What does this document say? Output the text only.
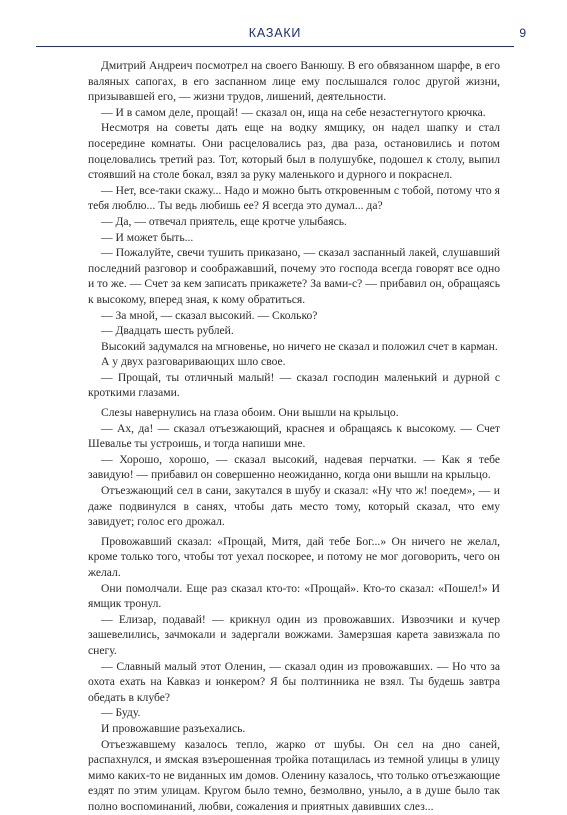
КАЗАКИ	9

Дмитрий Андреич посмотрел на своего Ванюшу. В его обвязанном шарфе, в его валяных сапогах, в его заспанном лице ему послышался голос другой жизни, призывавшей его, — жизни трудов, лишений, деятельности.

— И в самом деле, прощай! — сказал он, ища на себе незастегнутого крючка.

Несмотря на советы дать еще на водку ямщику, он надел шапку и стал посередине комнаты. Они расцеловались раз, два раза, остановились и потом поцеловались третий раз. Тот, который был в полушубке, подошел к столу, выпил стоявший на столе бокал, взял за руку маленького и дурного и покраснел.

— Нет, все-таки скажу... Надо и можно быть откровенным с тобой, потому что я тебя люблю... Ты ведь любишь ее? Я всегда это думал... да?

— Да, — отвечал приятель, еще кротче улыбаясь.

— И может быть...

— Пожалуйте, свечи тушить приказано, — сказал заспанный лакей, слушавший последний разговор и соображавший, почему это господа всегда говорят все одно и то же. — Счет за кем записать прикажете? За вами-с? — прибавил он, обращаясь к высокому, вперед зная, к кому обратиться.

— За мной, — сказал высокий. — Сколько?

— Двадцать шесть рублей.

Высокий задумался на мгновенье, но ничего не сказал и положил счет в карман.

А у двух разговаривающих шло свое.

— Прощай, ты отличный малый! — сказал господин маленький и дурной с кроткими глазами.

Слезы навернулись на глаза обоим. Они вышли на крыльцо.

— Ах, да! — сказал отъезжающий, краснея и обращаясь к высокому. — Счет Шевалье ты устроишь, и тогда напиши мне.

— Хорошо, хорошо, — сказал высокий, надевая перчатки. — Как я тебе завидую! — прибавил он совершенно неожиданно, когда они вышли на крыльцо.

Отъезжающий сел в сани, закутался в шубу и сказал: «Ну что ж! поедем», — и даже подвинулся в санях, чтобы дать место тому, который сказал, что ему завидует; голос его дрожал.

Провожавший сказал: «Прощай, Митя, дай тебе Бог...» Он ничего не желал, кроме только того, чтобы тот уехал поскорее, и потому не мог договорить, чего он желал.

Они помолчали. Еще раз сказал кто-то: «Прощай». Кто-то сказал: «Пошел!» И ямщик тронул.

— Елизар, подавай! — крикнул один из провожавших. Извозчики и кучер зашевелились, зачмокали и задергали вожжами. Замерзшая карета завизжала по снегу.

— Славный малый этот Оленин, — сказал один из провожавших. — Но что за охота ехать на Кавказ и юнкером? Я бы полтинника не взял. Ты будешь завтра обедать в клубе?

— Буду.

И провожавшие разъехались.

Отъезжавшему казалось тепло, жарко от шубы. Он сел на дно саней, распахнулся, и ямская взъерошенная тройка потащилась из темной улицы в улицу мимо каких-то не виданных им домов. Оленину казалось, что только отъезжающие ездят по этим улицам. Кругом было темно, безмолвно, уныло, а в душе было так полно воспоминаний, любви, сожаления и приятных давивших слез...
